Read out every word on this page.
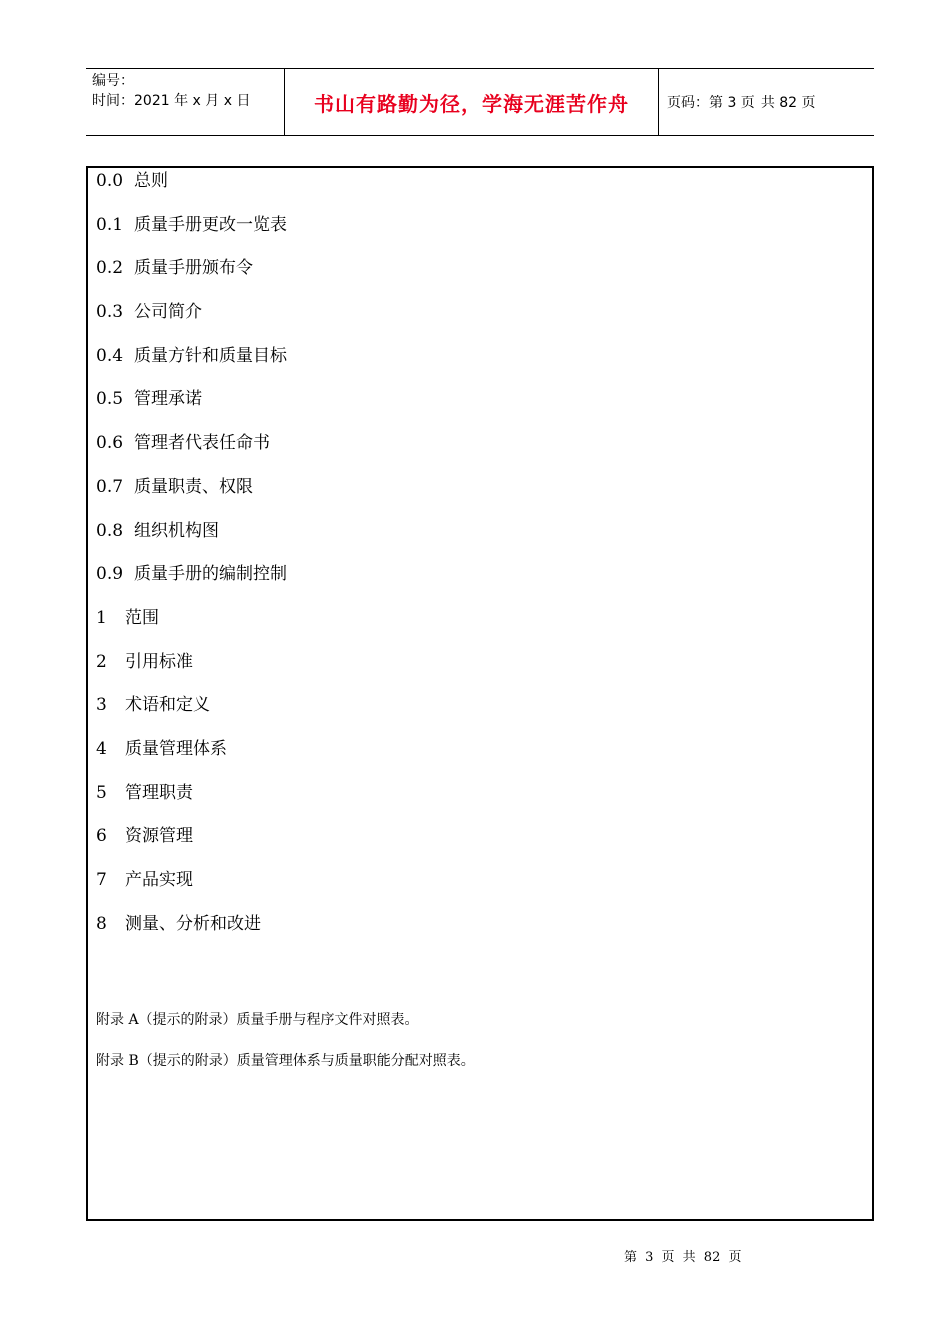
编号：
时间：2021 年 x 月 x 日	书山有路勤为径，学海无涯苦作舟	页码：第 3 页 共 82 页
0.0 总则
0.1 质量手册更改一览表
0.2 质量手册颁布令
0.3 公司简介
0.4 质量方针和质量目标
0.5 管理承诺
0.6 管理者代表任命书
0.7 质量职责、权限
0.8 组织机构图
0.9 质量手册的编制控制
1 范围
2 引用标准
3 术语和定义
4 质量管理体系
5 管理职责
6 资源管理
7 产品实现
8 测量、分析和改进
附录 A（提示的附录）质量手册与程序文件对照表。
附录 B（提示的附录）质量管理体系与质量职能分配对照表。
第 3 页 共 82 页
